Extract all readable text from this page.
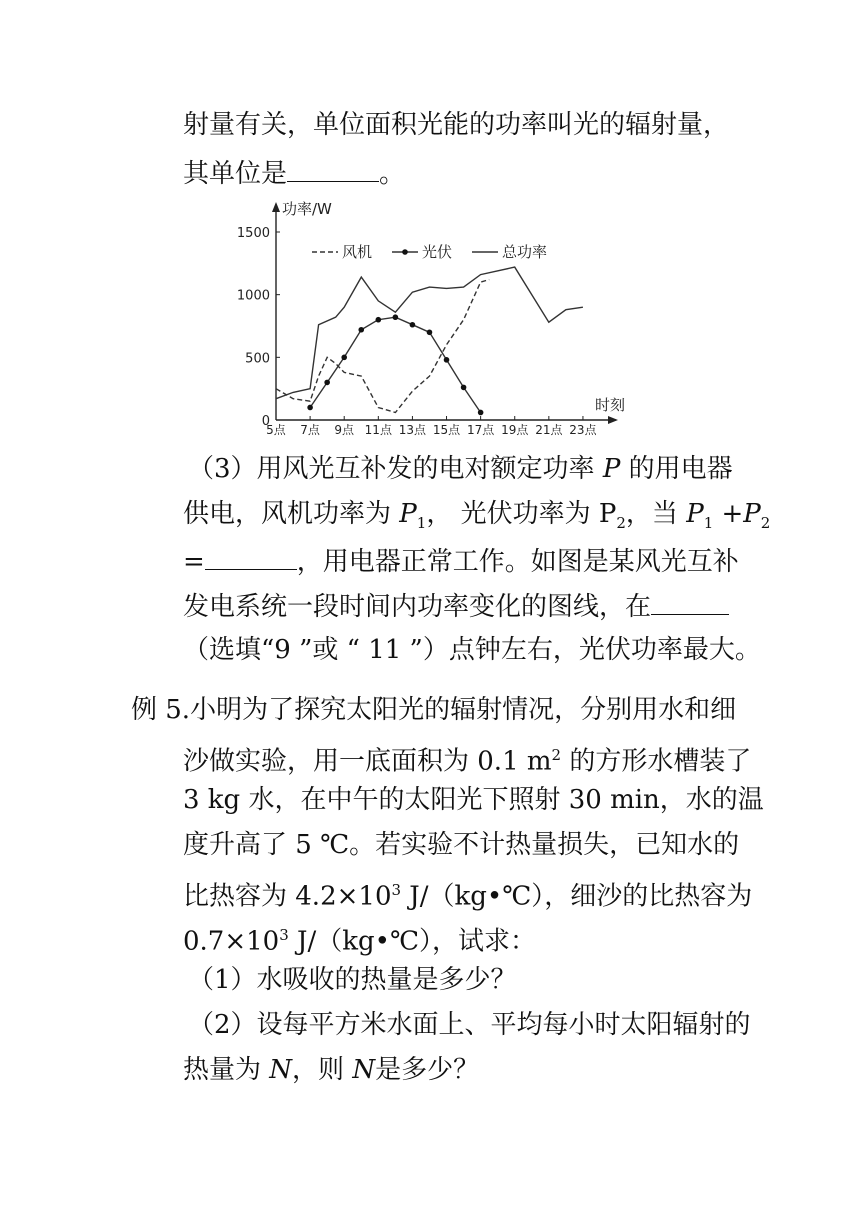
射量有关，单位面积光能的功率叫光的辐射量，
其单位是	。
功率/W
时刻
0
500
1000
1500
5点 7点 9点 11点 13点 15点 17点 19点 21点 23点
风机	光伏	总功率
（3）用风光互补发的电对额定功率 P 的用电器
供电，风机功率为 $P_1$， 光伏功率为 $P_2$，当 $P_1 +P_2$
=	，用电器正常工作。如图是某风光互补
发电系统一段时间内功率变化的图线，在
（选填“9 ”或 “ 11 ”）点钟左右，光伏功率最大。
例 5.小明为了探究太阳光的辐射情况，分别用水和细
沙做实验，用一底面积为 0.1 $m^2$ 的方形水槽装了
3 kg 水，在中午的太阳光下照射 30 min，水的温
度升高了 5 ℃。若实验不计热量损失，已知水的
比热容为 $4.2\times 10^3$ J/（kg•℃），细沙的比热容为
$0.7\times 10^3$ J/（kg•℃），试求：
（1）水吸收的热量是多少？
（2）设每平方米水面上、平均每小时太阳辐射的
热量为 N，则 N是多少？
